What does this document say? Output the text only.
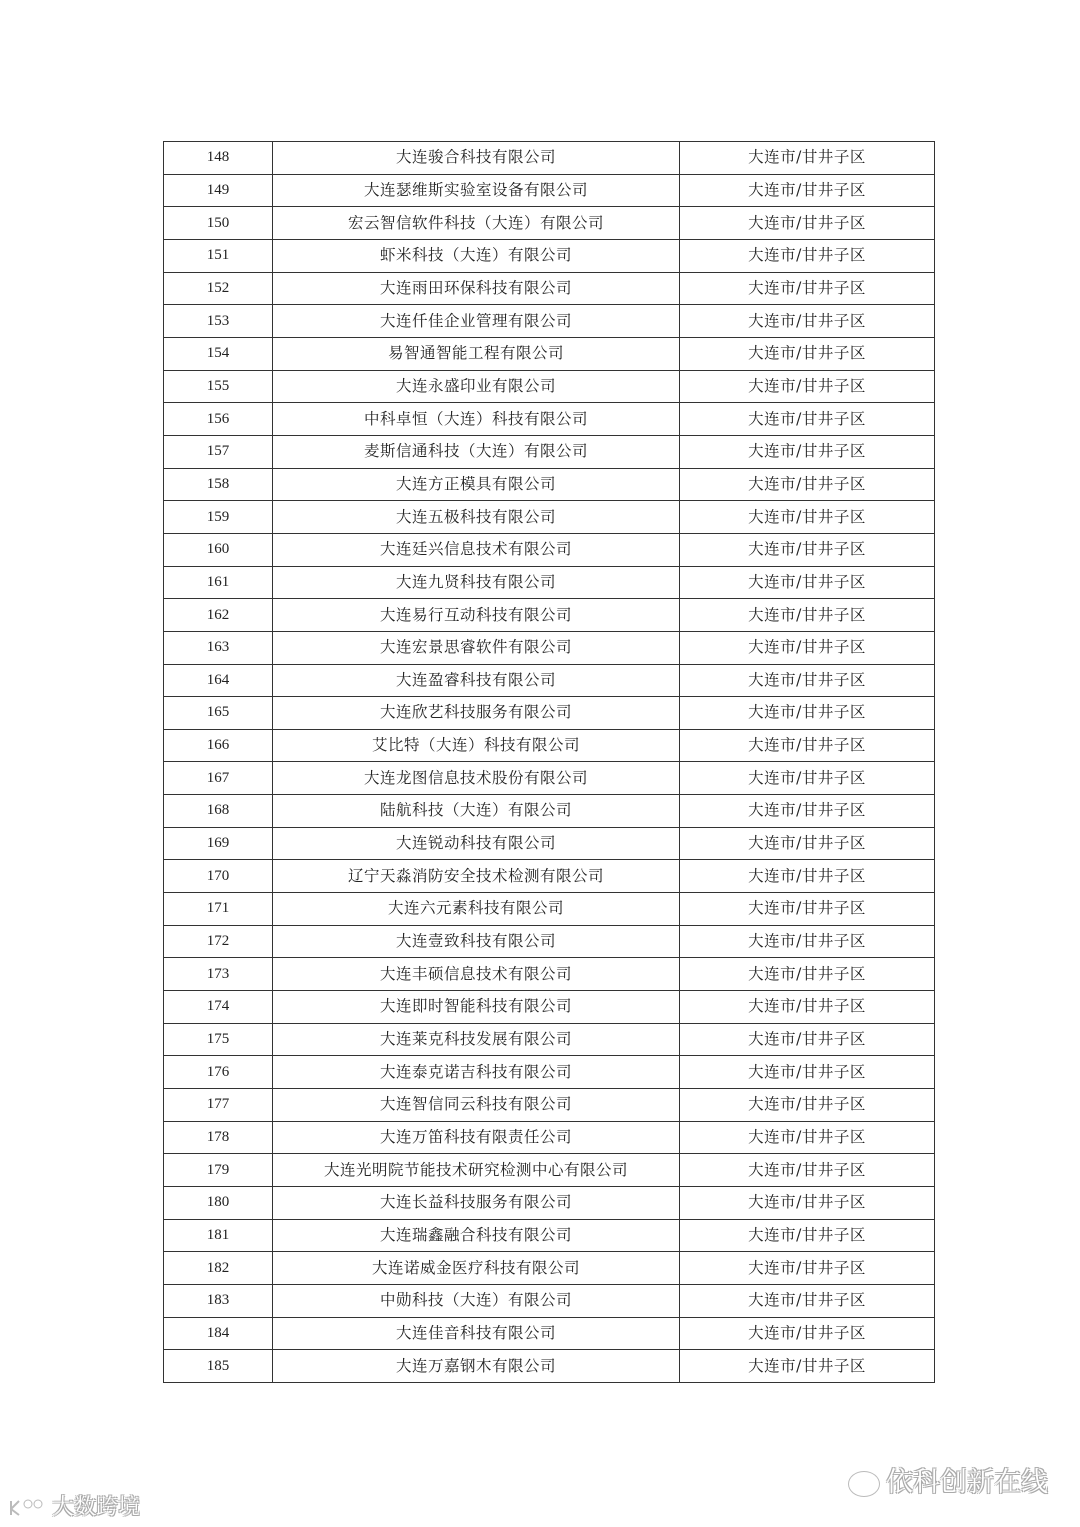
148	大连骏合科技有限公司	大连市/甘井子区
149	大连瑟维斯实验室设备有限公司	大连市/甘井子区
150	宏云智信软件科技（大连）有限公司	大连市/甘井子区
151	虾米科技（大连）有限公司	大连市/甘井子区
152	大连雨田环保科技有限公司	大连市/甘井子区
153	大连仟佳企业管理有限公司	大连市/甘井子区
154	易智通智能工程有限公司	大连市/甘井子区
155	大连永盛印业有限公司	大连市/甘井子区
156	中科卓恒（大连）科技有限公司	大连市/甘井子区
157	麦斯信通科技（大连）有限公司	大连市/甘井子区
158	大连方正模具有限公司	大连市/甘井子区
159	大连五极科技有限公司	大连市/甘井子区
160	大连廷兴信息技术有限公司	大连市/甘井子区
161	大连九贤科技有限公司	大连市/甘井子区
162	大连易行互动科技有限公司	大连市/甘井子区
163	大连宏景思睿软件有限公司	大连市/甘井子区
164	大连盈睿科技有限公司	大连市/甘井子区
165	大连欣艺科技服务有限公司	大连市/甘井子区
166	艾比特（大连）科技有限公司	大连市/甘井子区
167	大连龙图信息技术股份有限公司	大连市/甘井子区
168	陆航科技（大连）有限公司	大连市/甘井子区
169	大连锐动科技有限公司	大连市/甘井子区
170	辽宁天淼消防安全技术检测有限公司	大连市/甘井子区
171	大连六元素科技有限公司	大连市/甘井子区
172	大连壹致科技有限公司	大连市/甘井子区
173	大连丰硕信息技术有限公司	大连市/甘井子区
174	大连即时智能科技有限公司	大连市/甘井子区
175	大连莱克科技发展有限公司	大连市/甘井子区
176	大连泰克诺吉科技有限公司	大连市/甘井子区
177	大连智信同云科技有限公司	大连市/甘井子区
178	大连万笛科技有限责任公司	大连市/甘井子区
179	大连光明院节能技术研究检测中心有限公司	大连市/甘井子区
180	大连长益科技服务有限公司	大连市/甘井子区
181	大连瑞鑫融合科技有限公司	大连市/甘井子区
182	大连诺威金医疗科技有限公司	大连市/甘井子区
183	中勋科技（大连）有限公司	大连市/甘井子区
184	大连佳音科技有限公司	大连市/甘井子区
185	大连万嘉钢木有限公司	大连市/甘井子区
依科创新在线
大数跨境
